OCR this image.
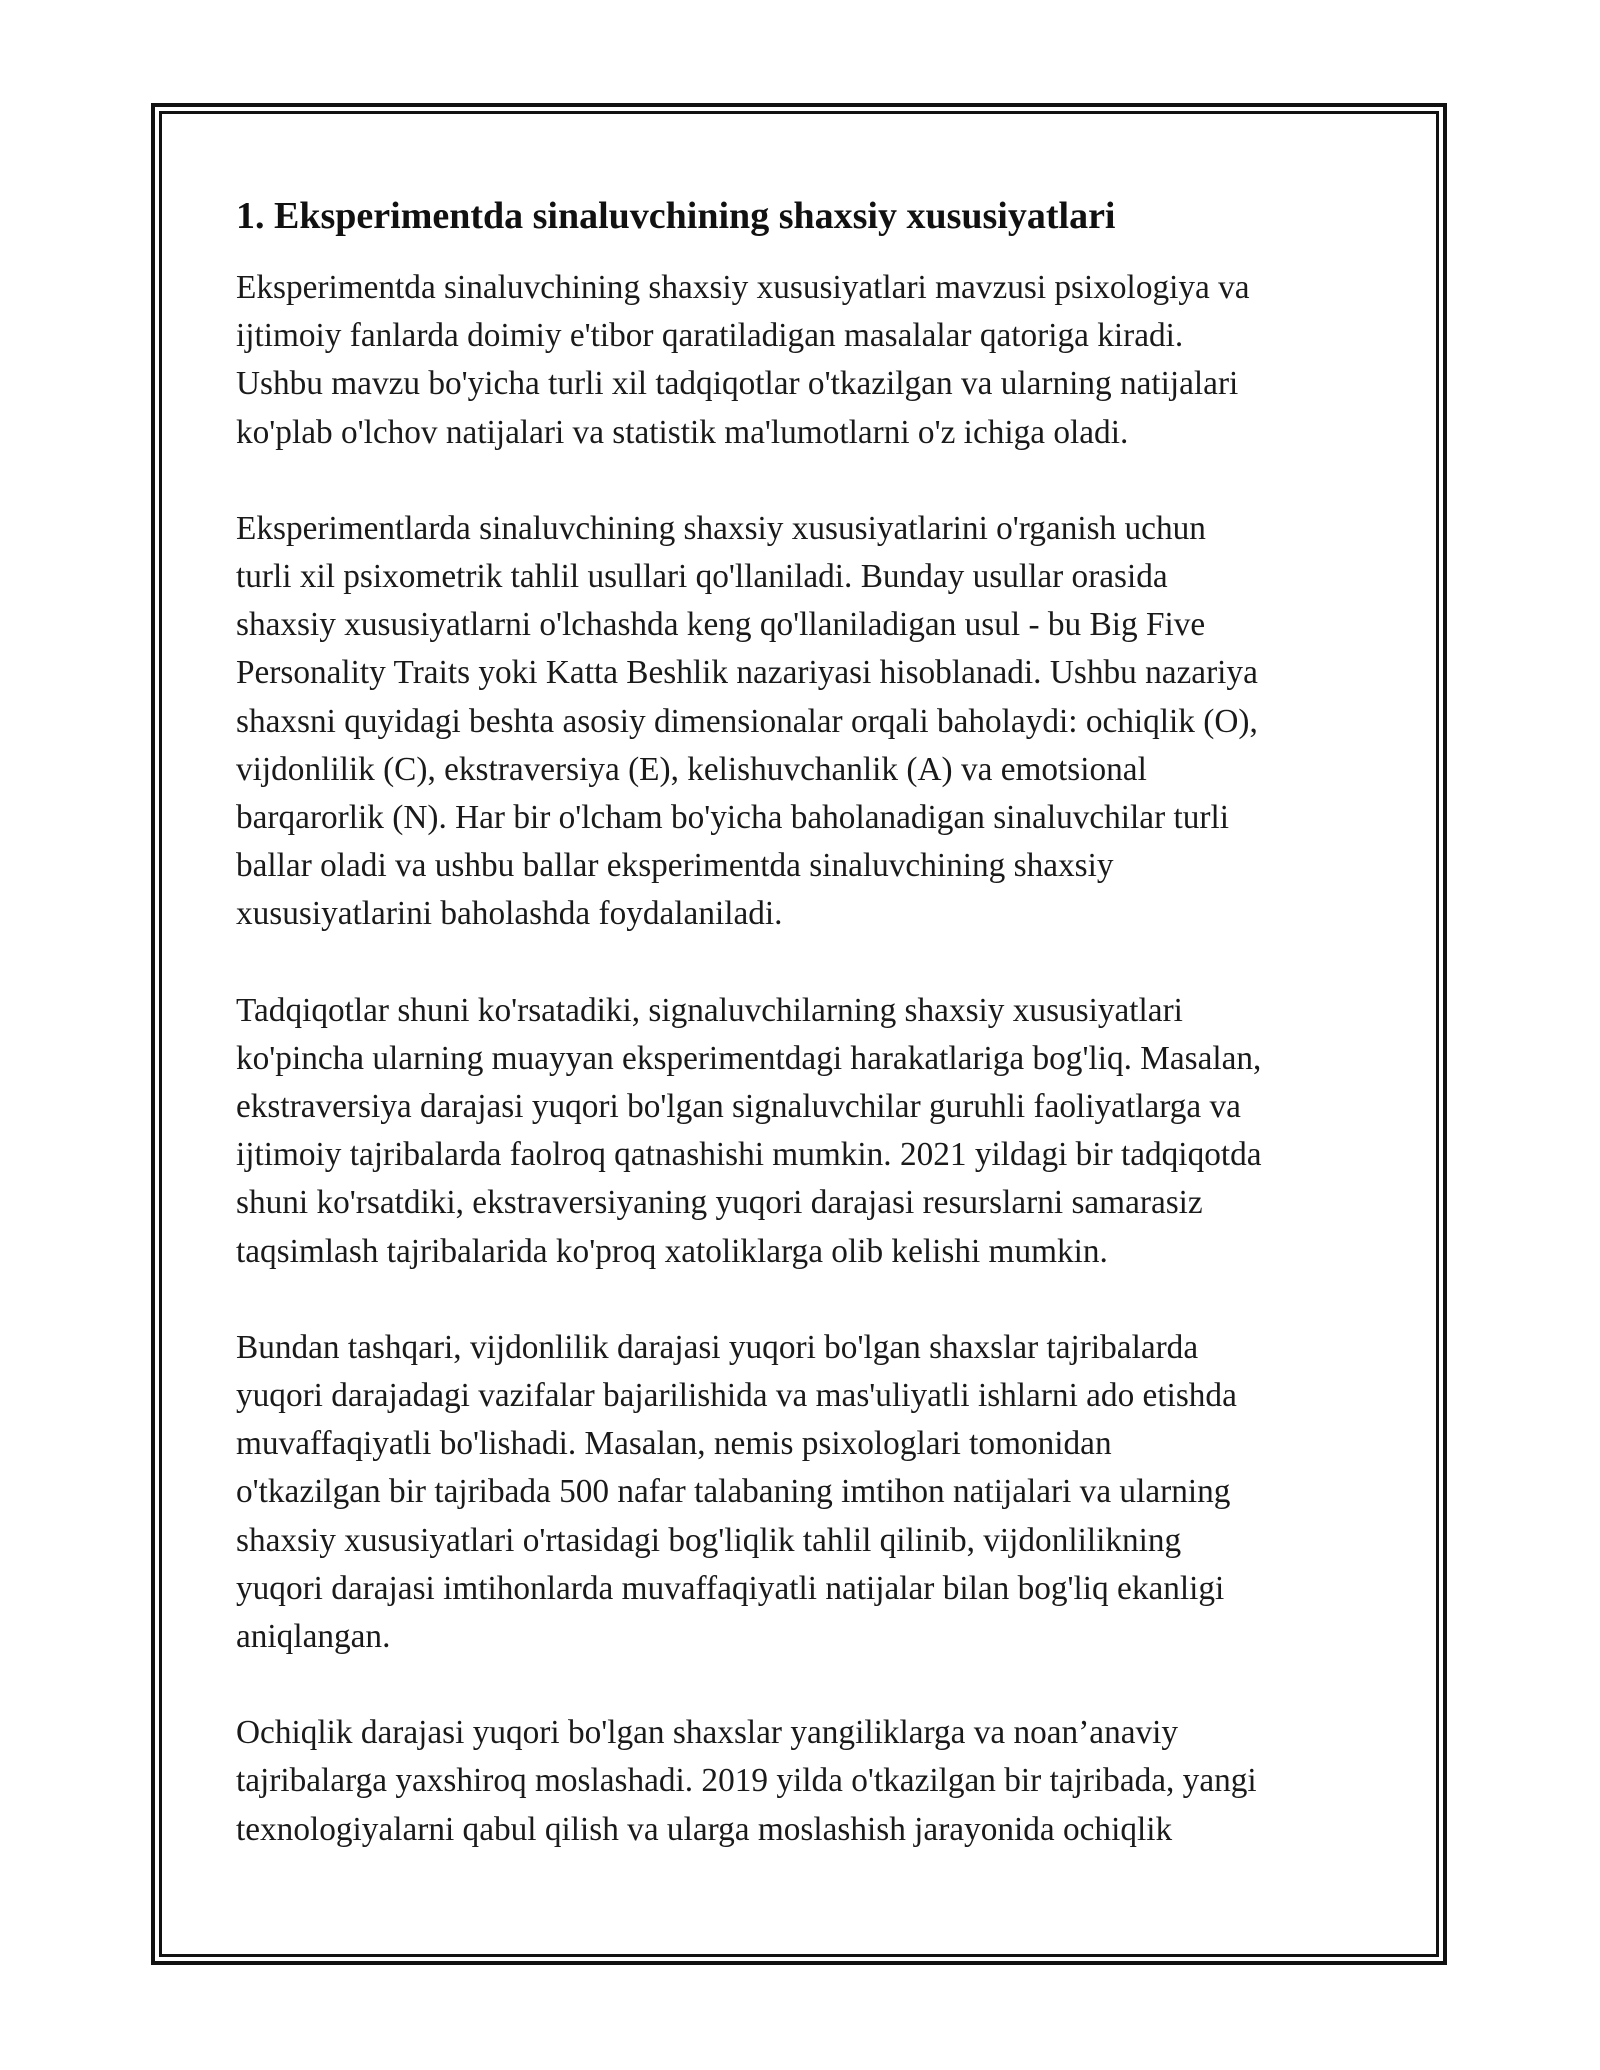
1. Eksperimentda sinaluvchining shaxsiy xususiyatlari

Eksperimentda sinaluvchining shaxsiy xususiyatlari mavzusi psixologiya va
ijtimoiy fanlarda doimiy e'tibor qaratiladigan masalalar qatoriga kiradi.
Ushbu mavzu bo'yicha turli xil tadqiqotlar o'tkazilgan va ularning natijalari
ko'plab o'lchov natijalari va statistik ma'lumotlarni o'z ichiga oladi.

Eksperimentlarda sinaluvchining shaxsiy xususiyatlarini o'rganish uchun
turli xil psixometrik tahlil usullari qo'llaniladi. Bunday usullar orasida
shaxsiy xususiyatlarni o'lchashda keng qo'llaniladigan usul - bu Big Five
Personality Traits yoki Katta Beshlik nazariyasi hisoblanadi. Ushbu nazariya
shaxsni quyidagi beshta asosiy dimensionalar orqali baholaydi: ochiqlik (O),
vijdonlilik (C), ekstraversiya (E), kelishuvchanlik (A) va emotsional
barqarorlik (N). Har bir o'lcham bo'yicha baholanadigan sinaluvchilar turli
ballar oladi va ushbu ballar eksperimentda sinaluvchining shaxsiy
xususiyatlarini baholashda foydalaniladi.

Tadqiqotlar shuni ko'rsatadiki, signaluvchilarning shaxsiy xususiyatlari
ko'pincha ularning muayyan eksperimentdagi harakatlariga bog'liq. Masalan,
ekstraversiya darajasi yuqori bo'lgan signaluvchilar guruhli faoliyatlarga va
ijtimoiy tajribalarda faolroq qatnashishi mumkin. 2021 yildagi bir tadqiqotda
shuni ko'rsatdiki, ekstraversiyaning yuqori darajasi resurslarni samarasiz
taqsimlash tajribalarida ko'proq xatoliklarga olib kelishi mumkin.

Bundan tashqari, vijdonlilik darajasi yuqori bo'lgan shaxslar tajribalarda
yuqori darajadagi vazifalar bajarilishida va mas'uliyatli ishlarni ado etishda
muvaffaqiyatli bo'lishadi. Masalan, nemis psixologlari tomonidan
o'tkazilgan bir tajribada 500 nafar talabaning imtihon natijalari va ularning
shaxsiy xususiyatlari o'rtasidagi bog'liqlik tahlil qilinib, vijdonlilikning
yuqori darajasi imtihonlarda muvaffaqiyatli natijalar bilan bog'liq ekanligi
aniqlangan.

Ochiqlik darajasi yuqori bo'lgan shaxslar yangiliklarga va noan’anaviy
tajribalarga yaxshiroq moslashadi. 2019 yilda o'tkazilgan bir tajribada, yangi
texnologiyalarni qabul qilish va ularga moslashish jarayonida ochiqlik
